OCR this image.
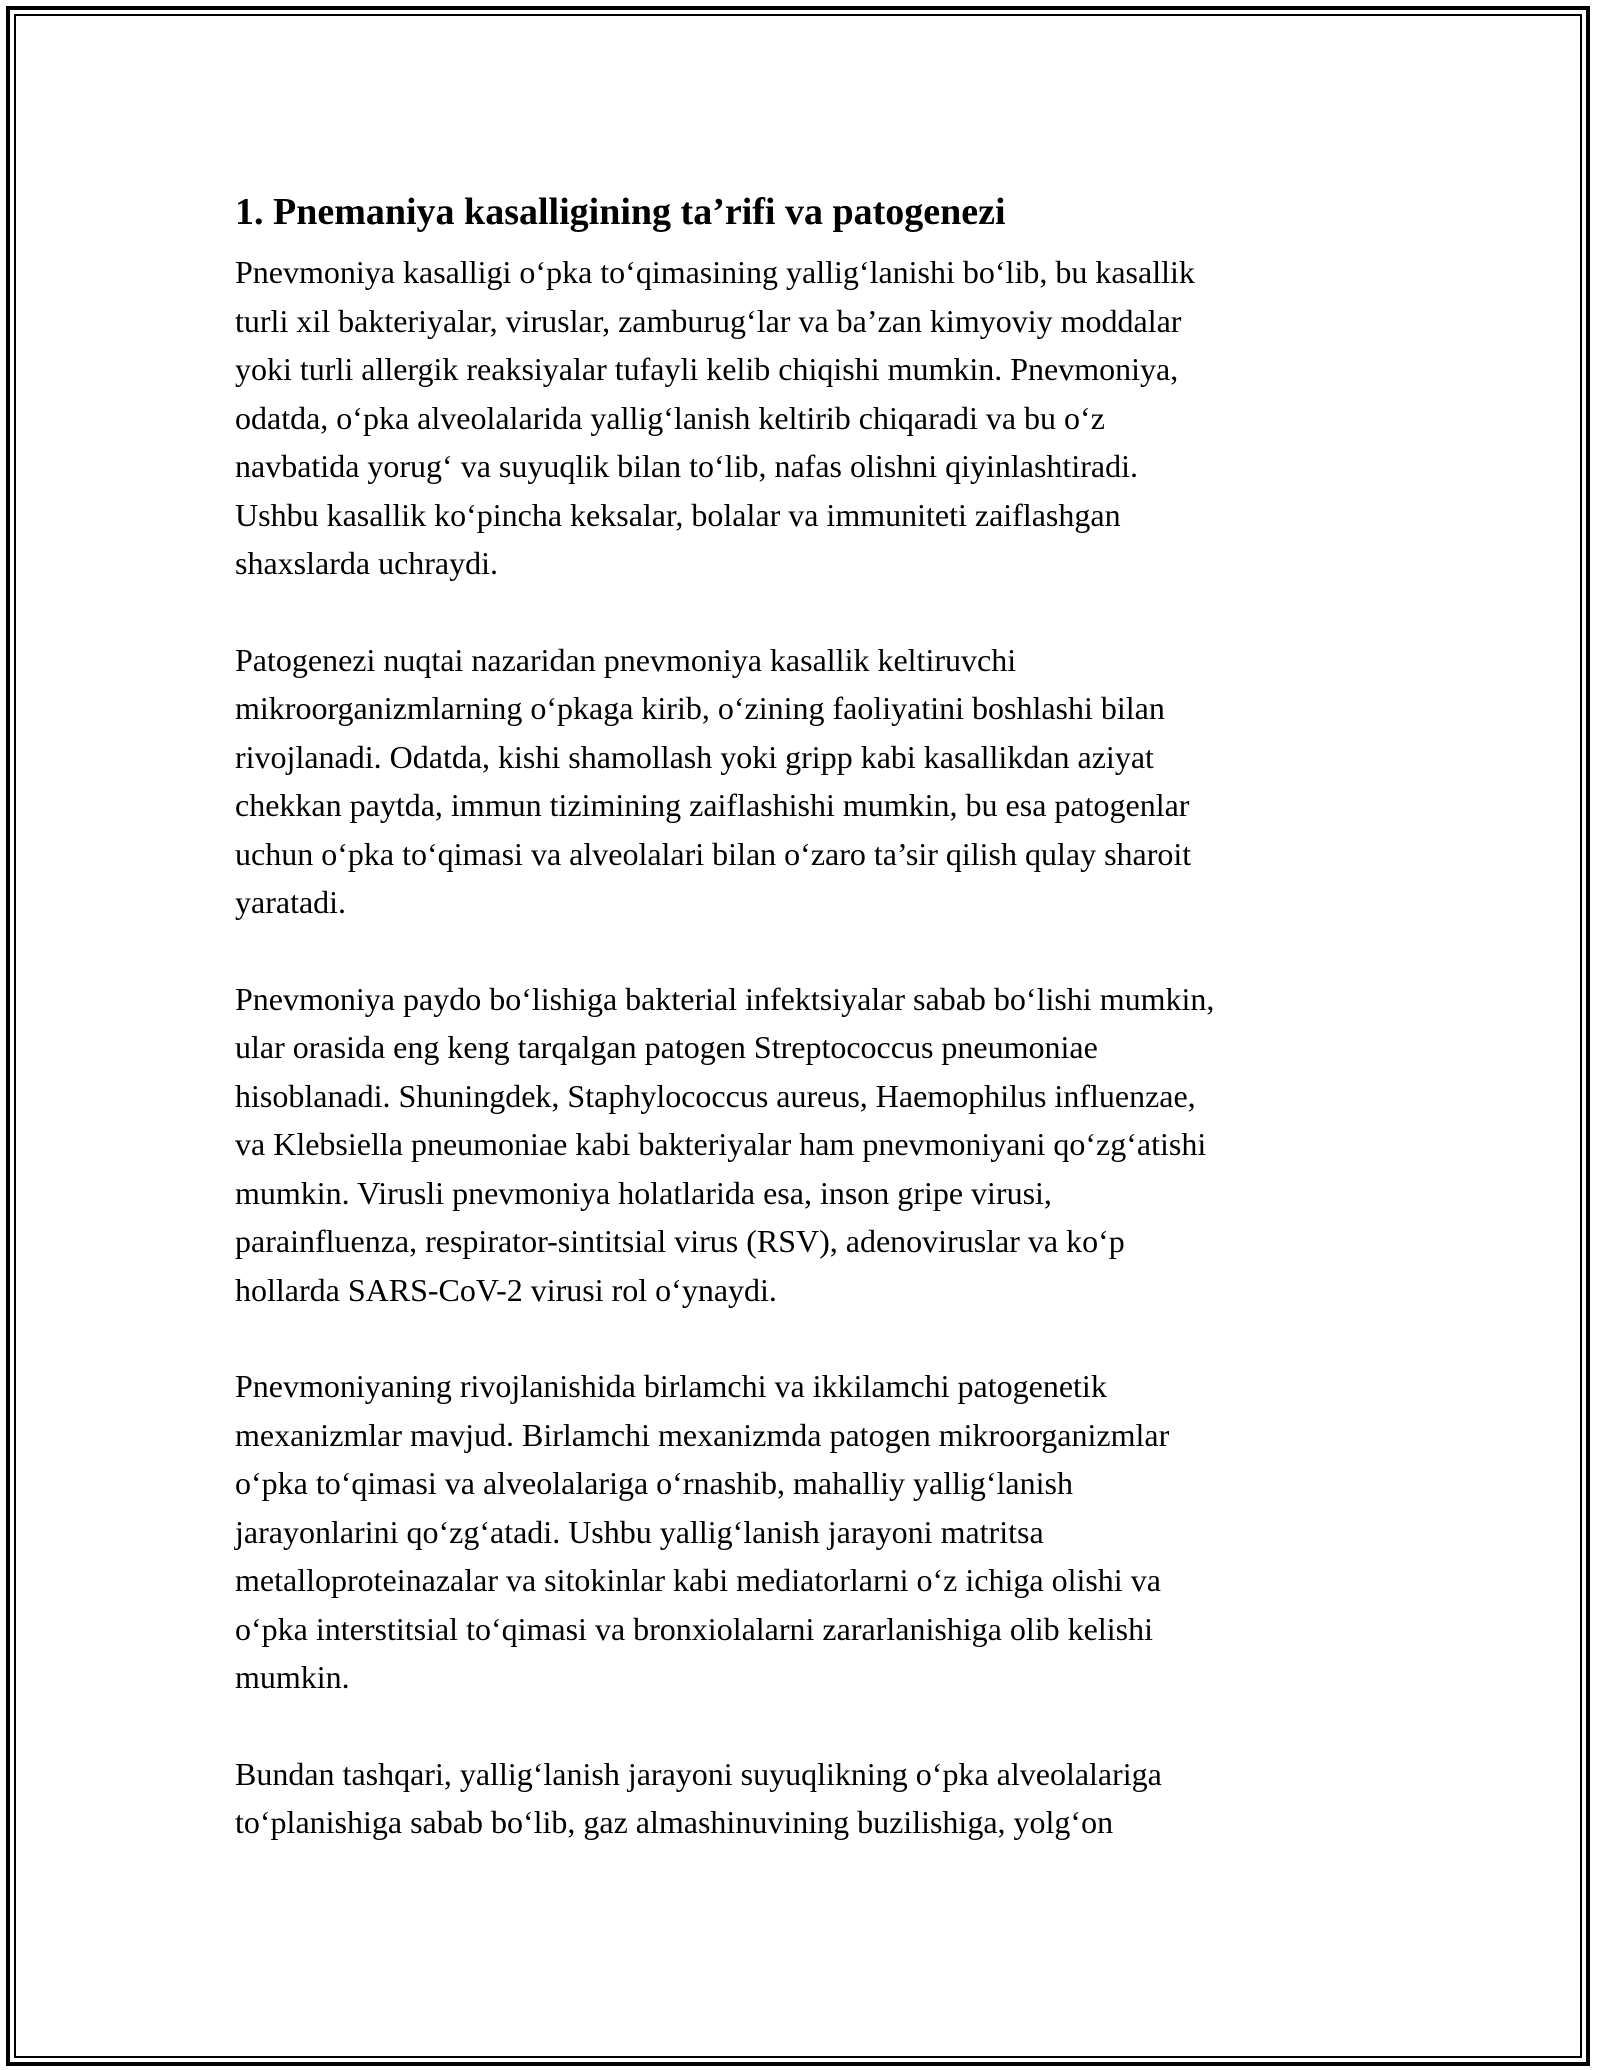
1. Pnemaniya kasalligining ta’rifi va patogenezi

Pnevmoniya kasalligi o‘pka to‘qimasining yallig‘lanishi bo‘lib, bu kasallik
turli xil bakteriyalar, viruslar, zamburug‘lar va ba’zan kimyoviy moddalar
yoki turli allergik reaksiyalar tufayli kelib chiqishi mumkin. Pnevmoniya,
odatda, o‘pka alveolalarida yallig‘lanish keltirib chiqaradi va bu o‘z
navbatida yorug‘ va suyuqlik bilan to‘lib, nafas olishni qiyinlashtiradi.
Ushbu kasallik ko‘pincha keksalar, bolalar va immuniteti zaiflashgan
shaxslarda uchraydi.

Patogenezi nuqtai nazaridan pnevmoniya kasallik keltiruvchi
mikroorganizmlarning o‘pkaga kirib, o‘zining faoliyatini boshlashi bilan
rivojlanadi. Odatda, kishi shamollash yoki gripp kabi kasallikdan aziyat
chekkan paytda, immun tizimining zaiflashishi mumkin, bu esa patogenlar
uchun o‘pka to‘qimasi va alveolalari bilan o‘zaro ta’sir qilish qulay sharoit
yaratadi.

Pnevmoniya paydo bo‘lishiga bakterial infektsiyalar sabab bo‘lishi mumkin,
ular orasida eng keng tarqalgan patogen Streptococcus pneumoniae
hisoblanadi. Shuningdek, Staphylococcus aureus, Haemophilus influenzae,
va Klebsiella pneumoniae kabi bakteriyalar ham pnevmoniyani qo‘zg‘atishi
mumkin. Virusli pnevmoniya holatlarida esa, inson gripe virusi,
parainfluenza, respirator-sintitsial virus (RSV), adenoviruslar va ko‘p
hollarda SARS-CoV-2 virusi rol o‘ynaydi.

Pnevmoniyaning rivojlanishida birlamchi va ikkilamchi patogenetik
mexanizmlar mavjud. Birlamchi mexanizmda patogen mikroorganizmlar
o‘pka to‘qimasi va alveolalariga o‘rnashib, mahalliy yallig‘lanish
jarayonlarini qo‘zg‘atadi. Ushbu yallig‘lanish jarayoni matritsa
metalloproteinazalar va sitokinlar kabi mediatorlarni o‘z ichiga olishi va
o‘pka interstitsial to‘qimasi va bronxiolalarni zararlanishiga olib kelishi
mumkin.

Bundan tashqari, yallig‘lanish jarayoni suyuqlikning o‘pka alveolalariga
to‘planishiga sabab bo‘lib, gaz almashinuvining buzilishiga, yolg‘on
